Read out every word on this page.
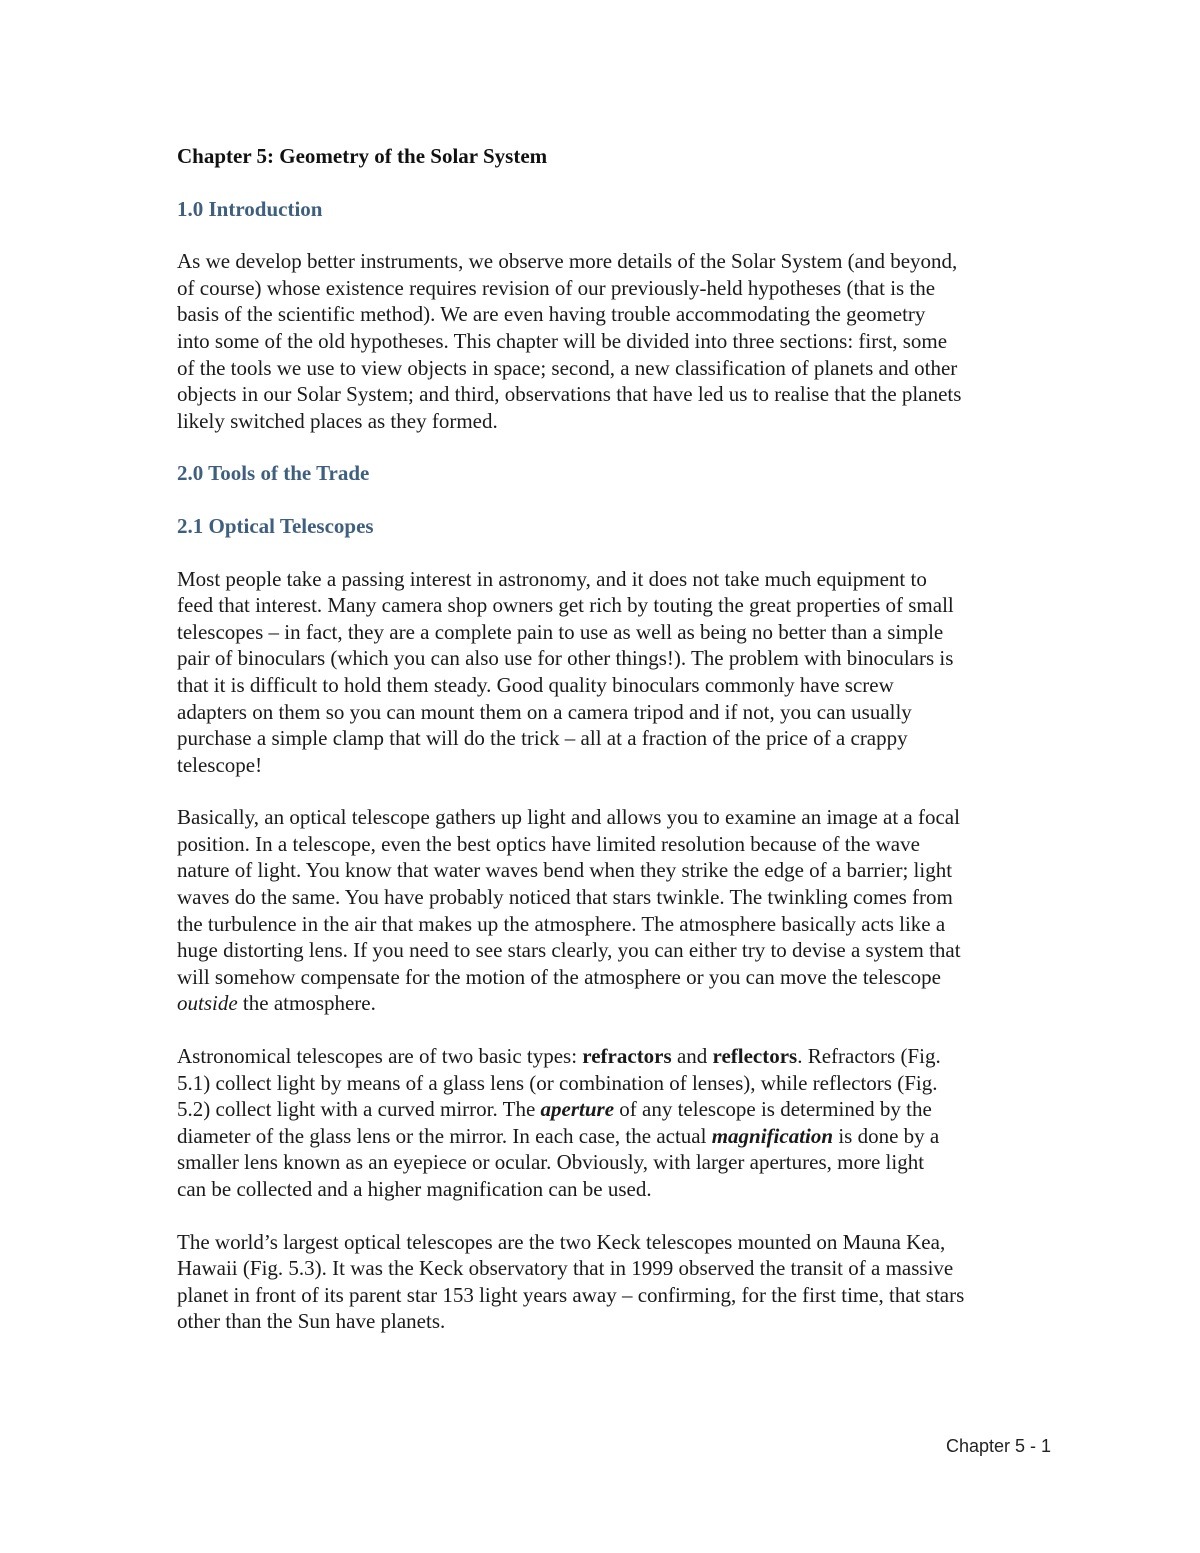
Chapter 5: Geometry of the Solar System
1.0 Introduction
As we develop better instruments, we observe more details of the Solar System (and beyond,
of course) whose existence requires revision of our previously-held hypotheses (that is the
basis of the scientific method). We are even having trouble accommodating the geometry
into some of the old hypotheses. This chapter will be divided into three sections: first, some
of the tools we use to view objects in space; second, a new classification of planets and other
objects in our Solar System; and third, observations that have led us to realise that the planets
likely switched places as they formed.
2.0 Tools of the Trade
2.1 Optical Telescopes
Most people take a passing interest in astronomy, and it does not take much equipment to
feed that interest. Many camera shop owners get rich by touting the great properties of small
telescopes – in fact, they are a complete pain to use as well as being no better than a simple
pair of binoculars (which you can also use for other things!). The problem with binoculars is
that it is difficult to hold them steady. Good quality binoculars commonly have screw
adapters on them so you can mount them on a camera tripod and if not, you can usually
purchase a simple clamp that will do the trick – all at a fraction of the price of a crappy
telescope!
Basically, an optical telescope gathers up light and allows you to examine an image at a focal
position. In a telescope, even the best optics have limited resolution because of the wave
nature of light. You know that water waves bend when they strike the edge of a barrier; light
waves do the same. You have probably noticed that stars twinkle. The twinkling comes from
the turbulence in the air that makes up the atmosphere. The atmosphere basically acts like a
huge distorting lens. If you need to see stars clearly, you can either try to devise a system that
will somehow compensate for the motion of the atmosphere or you can move the telescope
outside the atmosphere.
Astronomical telescopes are of two basic types: refractors and reflectors. Refractors (Fig.
5.1) collect light by means of a glass lens (or combination of lenses), while reflectors (Fig.
5.2) collect light with a curved mirror. The aperture of any telescope is determined by the
diameter of the glass lens or the mirror. In each case, the actual magnification is done by a
smaller lens known as an eyepiece or ocular. Obviously, with larger apertures, more light
can be collected and a higher magnification can be used.
The world’s largest optical telescopes are the two Keck telescopes mounted on Mauna Kea,
Hawaii (Fig. 5.3). It was the Keck observatory that in 1999 observed the transit of a massive
planet in front of its parent star 153 light years away – confirming, for the first time, that stars
other than the Sun have planets.
Chapter 5 - 1
